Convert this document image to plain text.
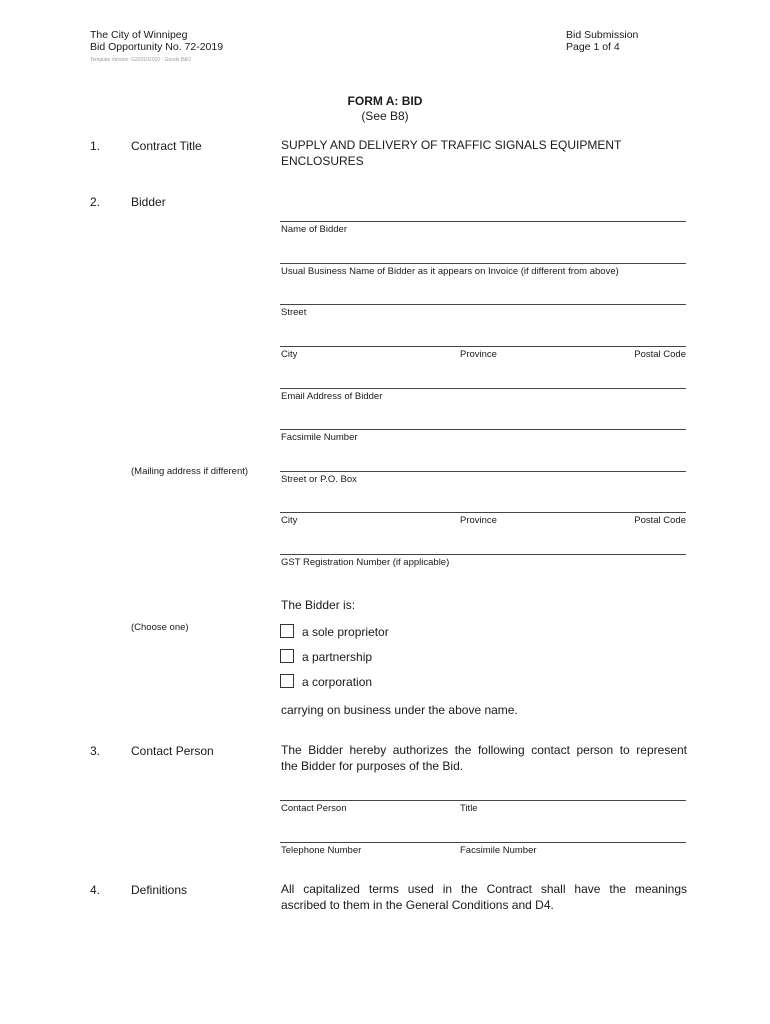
The City of Winnipeg
Bid Opportunity No. 72-2019
Bid Submission
Page 1 of 4
Template Version: G220191010 - Goods B&O
FORM A: BID
(See B8)
1.	Contract Title	SUPPLY AND DELIVERY OF TRAFFIC SIGNALS EQUIPMENT
ENCLOSURES
2.	Bidder
Name of Bidder
Usual Business Name of Bidder as it appears on Invoice (if different from above)
Street
City	Province	Postal Code
Email Address of Bidder
Facsimile Number
(Mailing address if different)
Street or P.O. Box
City	Province	Postal Code
GST Registration Number (if applicable)
The Bidder is:
(Choose one)	a sole proprietor
a partnership
a corporation
carrying on business under the above name.
3.	Contact Person	The Bidder hereby authorizes the following contact person to represent
the Bidder for purposes of the Bid.
Contact Person	Title
Telephone Number	Facsimile Number
4.	Definitions	All capitalized terms used in the Contract shall have the meanings
ascribed to them in the General Conditions and D4.
